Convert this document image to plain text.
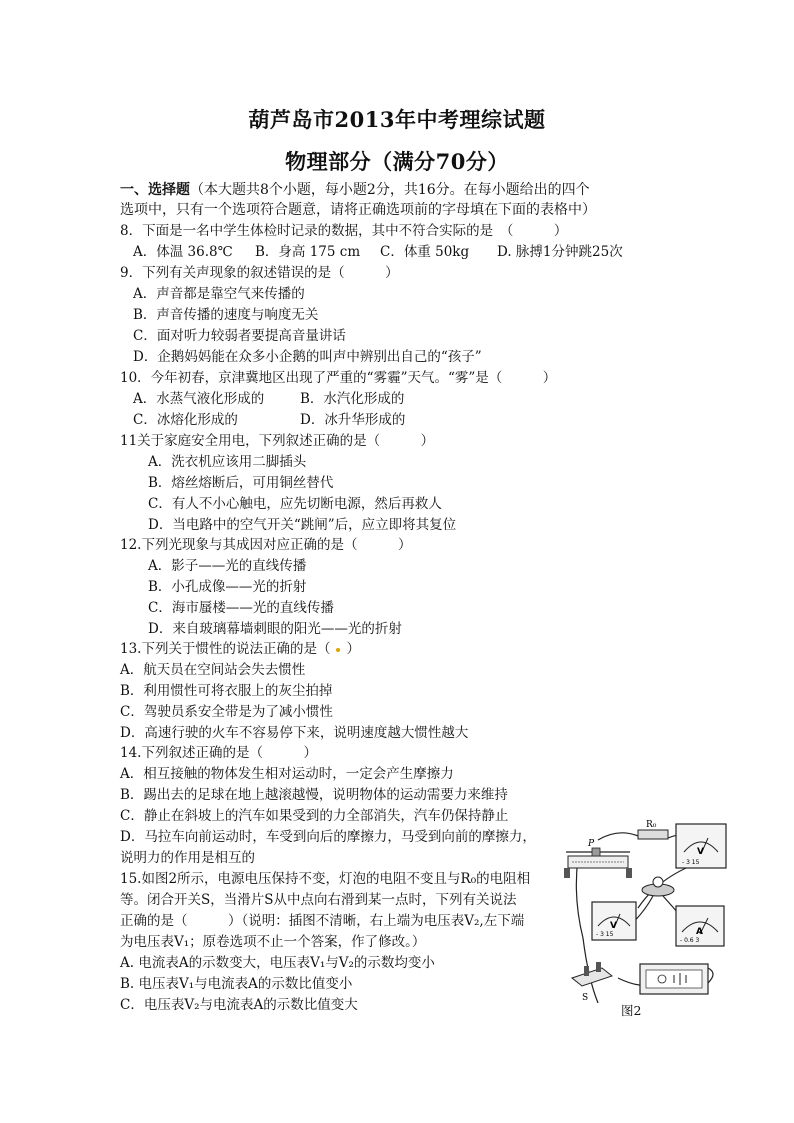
葫芦岛市2013年中考理综试题
物理部分（满分70分）
一、选择题（本大题共8个小题，每小题2分，共16分。在每小题给出的四个
选项中，只有一个选项符合题意，请将正确选项前的字母填在下面的表格中）
8．下面是一名中学生体检时记录的数据，其中不符合实际的是　（　　　）
A．体温 36.8℃ B．身高 175 cm C．体重 50kg D. 脉搏1分钟跳25次
9．下列有关声现象的叙述错误的是（　　　）
A．声音都是靠空气来传播的
B．声音传播的速度与响度无关
C．面对听力较弱者要提高音量讲话
D．企鹅妈妈能在众多小企鹅的叫声中辨别出自己的“孩子”
10．今年初春，京津冀地区出现了严重的“雾霾”天气。“雾”是（　　　）
A．水蒸气液化形成的	B．水汽化形成的
C．冰熔化形成的	D．冰升华形成的
11关于家庭安全用电，下列叙述正确的是（　　　）
A．洗衣机应该用二脚插头
B．熔丝熔断后，可用铜丝替代
C．有人不小心触电，应先切断电源，然后再救人
D．当电路中的空气开关“跳闸”后，应立即将其复位
12.下列光现象与其成因对应正确的是（　　　）
A．影子——光的直线传播
B．小孔成像——光的折射
C．海市蜃楼——光的直线传播
D．来自玻璃幕墙刺眼的阳光——光的折射
13.下列关于惯性的说法正确的是（ ）
A．航天员在空间站会失去惯性
B．利用惯性可将衣服上的灰尘拍掉
C．驾驶员系安全带是为了减小惯性
D．高速行驶的火车不容易停下来，说明速度越大惯性越大
14.下列叙述正确的是（　　　）
A．相互接触的物体发生相对运动时，一定会产生摩擦力
B．踢出去的足球在地上越滚越慢，说明物体的运动需要力来维持
C．静止在斜坡上的汽车如果受到的力全部消失，汽车仍保持静止
D．马拉车向前运动时，车受到向后的摩擦力，马受到向前的摩擦力，
说明力的作用是相互的
15.如图2所示，电源电压保持不变，灯泡的电阻不变且与R₀的电阻相
等。闭合开关S，当滑片S从中点向右滑到某一点时，下列有关说法
正确的是（　　　）（说明：插图不清晰，右上端为电压表V₂,左下端
为电压表V₁；原卷选项不止一个答案，作了修改。）
A. 电流表A的示数变大，电压表V₁与V₂的示数均变小
B. 电压表V₁与电流表A的示数比值变小
C．电压表V₂与电流表A的示数比值变大
R₀
P
V
- 3 15
V
- 3 15	A
- 0.6 3
S
图2
